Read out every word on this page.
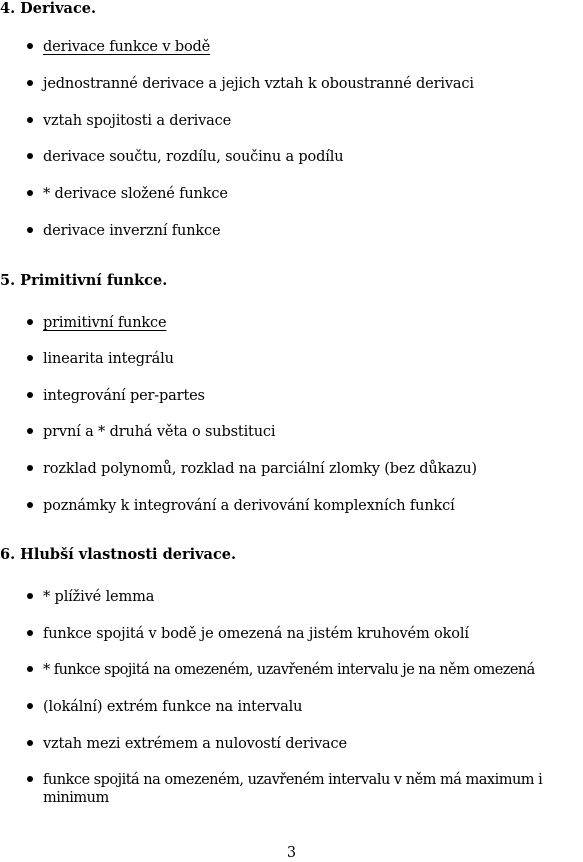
4. Derivace.
derivace funkce v bodě
jednostranné derivace a jejich vztah k oboustranné derivaci
vztah spojitosti a derivace
derivace součtu, rozdílu, součinu a podílu
* derivace složené funkce
derivace inverzní funkce
5. Primitivní funkce.
primitivní funkce
linearita integrálu
integrování per-partes
první a * druhá věta o substituci
rozklad polynomů, rozklad na parciální zlomky (bez důkazu)
poznámky k integrování a derivování komplexních funkcí
6. Hlubší vlastnosti derivace.
* plíživé lemma
funkce spojitá v bodě je omezená na jistém kruhovém okolí
* funkce spojitá na omezeném, uzavřeném intervalu je na něm omezená
(lokální) extrém funkce na intervalu
vztah mezi extrémem a nulovostí derivace
funkce spojitá na omezeném, uzavřeném intervalu v něm má maximum i minimum
3
